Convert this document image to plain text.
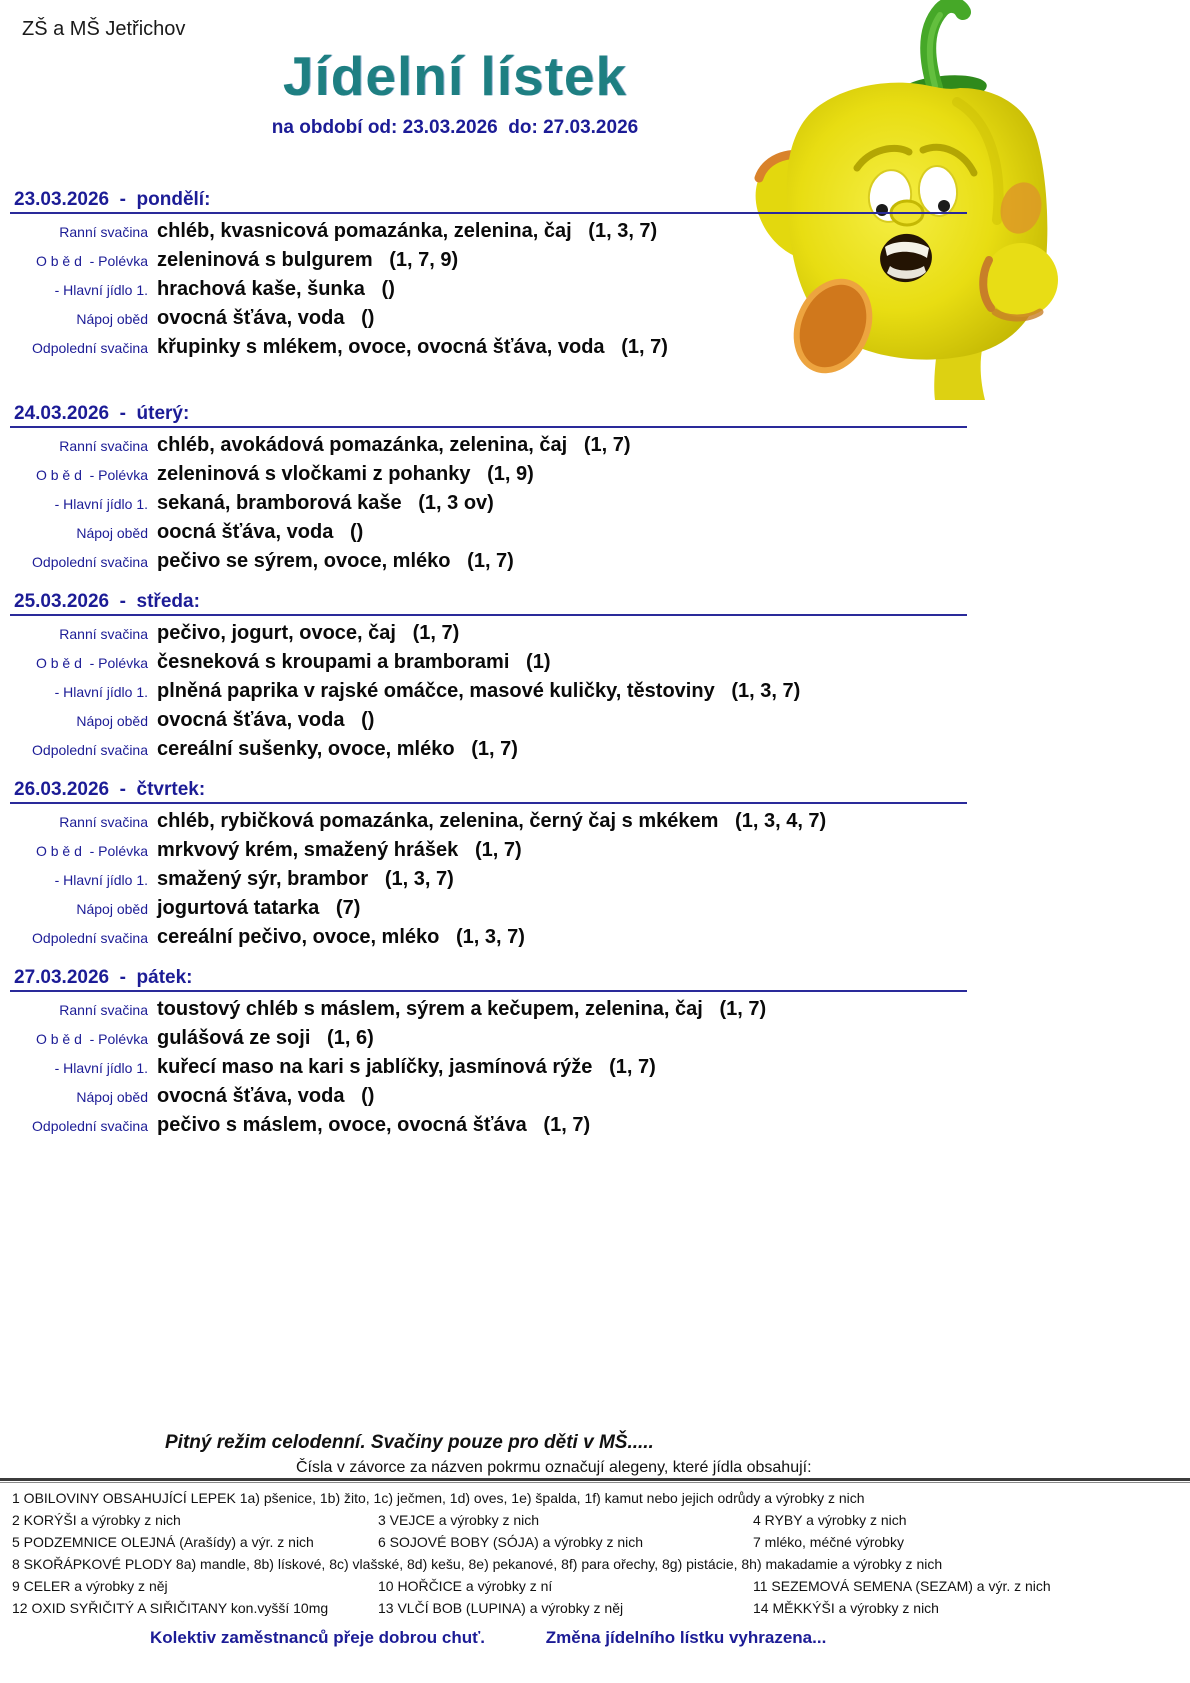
ZŠ a MŠ Jetřichov
Jídelní lístek
na období od: 23.03.2026  do: 27.03.2026
23.03.2026  -  pondělí:
Ranní svačina chléb, kvasnicová pomazánka, zelenina, čaj   (1, 3, 7)
O b ě d  - Polévka zeleninová s bulgurem   (1, 7, 9)
- Hlavní jídlo 1. hrachová kaše, šunka   ()
Nápoj oběd ovocná šťáva, voda   ()
Odpolední svačina křupinky s mlékem, ovoce, ovocná šťáva, voda   (1, 7)
24.03.2026  -  úterý:
Ranní svačina chléb, avokádová pomazánka, zelenina, čaj   (1, 7)
O b ě d  - Polévka zeleninová s vločkami z pohanky   (1, 9)
- Hlavní jídlo 1. sekaná, bramborová kaše   (1, 3 ov)
Nápoj oběd oocná šťáva, voda   ()
Odpolední svačina pečivo se sýrem, ovoce, mléko   (1, 7)
25.03.2026  -  středa:
Ranní svačina pečivo, jogurt, ovoce, čaj   (1, 7)
O b ě d  - Polévka česneková s kroupami a bramborami   (1)
- Hlavní jídlo 1. plněná paprika v rajské omáčce, masové kuličky, těstoviny   (1, 3, 7)
Nápoj oběd ovocná šťáva, voda   ()
Odpolední svačina cereální sušenky, ovoce, mléko   (1, 7)
26.03.2026  -  čtvrtek:
Ranní svačina chléb, rybičková pomazánka, zelenina, černý čaj s mkékem   (1, 3, 4, 7)
O b ě d  - Polévka mrkvový krém, smažený hrášek   (1, 7)
- Hlavní jídlo 1. smažený sýr, brambor   (1, 3, 7)
Nápoj oběd jogurtová tatarka   (7)
Odpolední svačina cereální pečivo, ovoce, mléko   (1, 3, 7)
27.03.2026  -  pátek:
Ranní svačina toustový chléb s máslem, sýrem a kečupem, zelenina, čaj   (1, 7)
O b ě d  - Polévka gulášová ze soji   (1, 6)
- Hlavní jídlo 1. kuřecí maso na kari s jablíčky, jasmínová rýže   (1, 7)
Nápoj oběd ovocná šťáva, voda   ()
Odpolední svačina pečivo s máslem, ovoce, ovocná šťáva   (1, 7)
Pitný režim celodenní. Svačiny pouze pro děti v MŠ.....
Čísla v závorce za názven pokrmu označují alegeny, které jídla obsahují:
1 OBILOVINY OBSAHUJÍCÍ LEPEK 1a) pšenice, 1b) žito, 1c) ječmen, 1d) oves, 1e) špalda, 1f) kamut nebo jejich odrůdy a výrobky z nich
2 KORÝŠI a výrobky z nich	3 VEJCE a výrobky z nich	4 RYBY a výrobky z nich
5 PODZEMNICE OLEJNÁ (Arašídy) a výr. z nich	6 SOJOVÉ BOBY (SÓJA) a výrobky z nich	7 mléko, méčné výrobky
8 SKOŘÁPKOVÉ PLODY 8a) mandle, 8b) lískové, 8c) vlašské, 8d) kešu, 8e) pekanové, 8f) para ořechy, 8g) pistácie, 8h) makadamie a výrobky z nich
9 CELER a výrobky z něj	10 HOŘČICE a výrobky z ní	11 SEZEMOVÁ SEMENA (SEZAM) a výr. z nich
12 OXID SYŘIČITÝ A SIŘIČITANY kon.vyšší 10mg	13 VLČÍ BOB (LUPINA) a výrobky z něj	14 MĚKKÝŠI a výrobky z nich
Kolektiv zaměstnanců přeje dobrou chuť.	Změna jídelního lístku vyhrazena...
